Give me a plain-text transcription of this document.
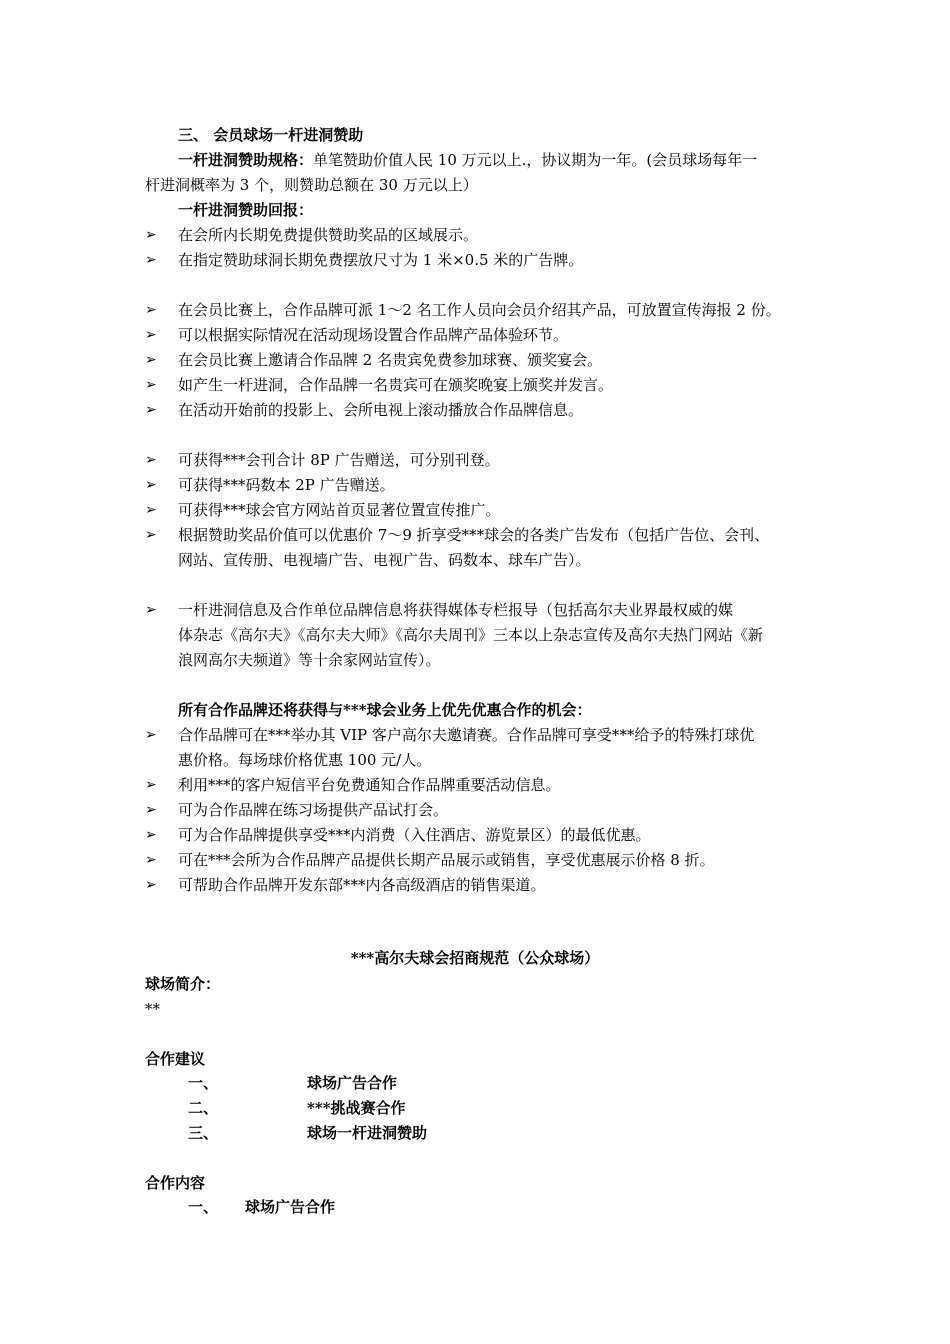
三、 会员球场一杆进洞赞助
一杆进洞赞助规格：单笔赞助价值人民 10 万元以上.，协议期为一年。(会员球场每年一
杆进洞概率为 3 个，则赞助总额在 30 万元以上）
一杆进洞赞助回报：
➢ 在会所内长期免费提供赞助奖品的区域展示。
➢ 在指定赞助球洞长期免费摆放尺寸为 1 米×0.5 米的广告牌。
➢ 在会员比赛上，合作品牌可派 1～2 名工作人员向会员介绍其产品，可放置宣传海报 2 份。
➢ 可以根据实际情况在活动现场设置合作品牌产品体验环节。
➢ 在会员比赛上邀请合作品牌 2 名贵宾免费参加球赛、颁奖宴会。
➢ 如产生一杆进洞，合作品牌一名贵宾可在颁奖晚宴上颁奖并发言。
➢ 在活动开始前的投影上、会所电视上滚动播放合作品牌信息。
➢ 可获得***会刊合计 8P 广告赠送，可分别刊登。
➢ 可获得***码数本 2P 广告赠送。
➢ 可获得***球会官方网站首页显著位置宣传推广。
➢ 根据赞助奖品价值可以优惠价 7～9 折享受***球会的各类广告发布（包括广告位、会刊、
网站、宣传册、电视墙广告、电视广告、码数本、球车广告）。
➢ 一杆进洞信息及合作单位品牌信息将获得媒体专栏报导（包括高尔夫业界最权威的媒
体杂志《高尔夫》《高尔夫大师》《高尔夫周刊》三本以上杂志宣传及高尔夫热门网站《新
浪网高尔夫频道》等十余家网站宣传）。
所有合作品牌还将获得与***球会业务上优先优惠合作的机会：
➢ 合作品牌可在***举办其 VIP 客户高尔夫邀请赛。合作品牌可享受***给予的特殊打球优
惠价格。每场球价格优惠 100 元/人。
➢ 利用***的客户短信平台免费通知合作品牌重要活动信息。
➢ 可为合作品牌在练习场提供产品试打会。
➢ 可为合作品牌提供享受***内消费（入住酒店、游览景区）的最低优惠。
➢ 可在***会所为合作品牌产品提供长期产品展示或销售，享受优惠展示价格 8 折。
➢ 可帮助合作品牌开发东部***内各高级酒店的销售渠道。
***高尔夫球会招商规范（公众球场）
球场简介：
**
合作建议
一、	球场广告合作
二、	***挑战赛合作
三、	球场一杆进洞赞助
合作内容
一、 球场广告合作
